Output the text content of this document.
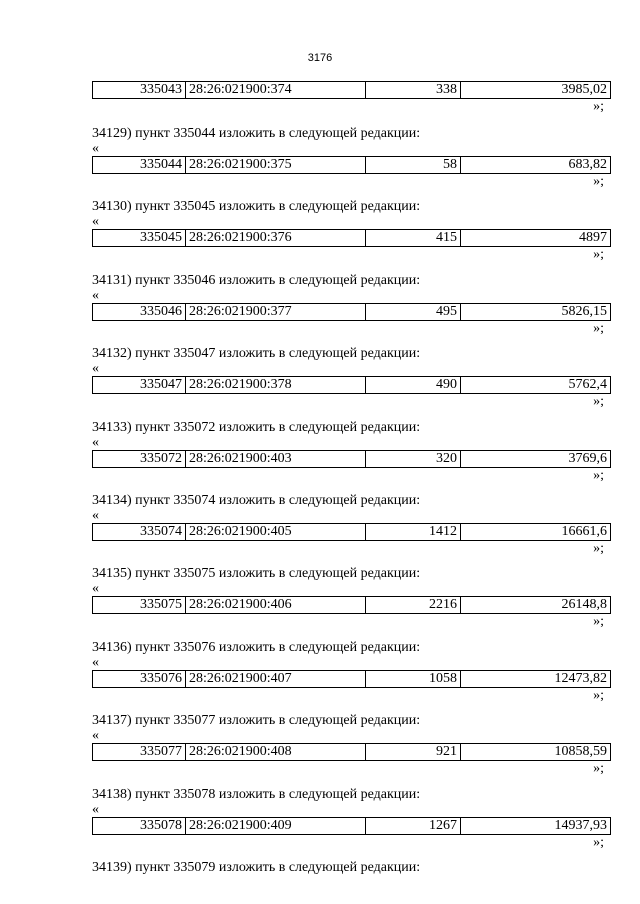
3176
335043	28:26:021900:374	338	3985,02
»;
34129) пункт 335044 изложить в следующей редакции:
«
335044	28:26:021900:375	58	683,82
»;
34130) пункт 335045 изложить в следующей редакции:
«
335045	28:26:021900:376	415	4897
»;
34131) пункт 335046 изложить в следующей редакции:
«
335046	28:26:021900:377	495	5826,15
»;
34132) пункт 335047 изложить в следующей редакции:
«
335047	28:26:021900:378	490	5762,4
»;
34133) пункт 335072 изложить в следующей редакции:
«
335072	28:26:021900:403	320	3769,6
»;
34134) пункт 335074 изложить в следующей редакции:
«
335074	28:26:021900:405	1412	16661,6
»;
34135) пункт 335075 изложить в следующей редакции:
«
335075	28:26:021900:406	2216	26148,8
»;
34136) пункт 335076 изложить в следующей редакции:
«
335076	28:26:021900:407	1058	12473,82
»;
34137) пункт 335077 изложить в следующей редакции:
«
335077	28:26:021900:408	921	10858,59
»;
34138) пункт 335078 изложить в следующей редакции:
«
335078	28:26:021900:409	1267	14937,93
»;
34139) пункт 335079 изложить в следующей редакции:
